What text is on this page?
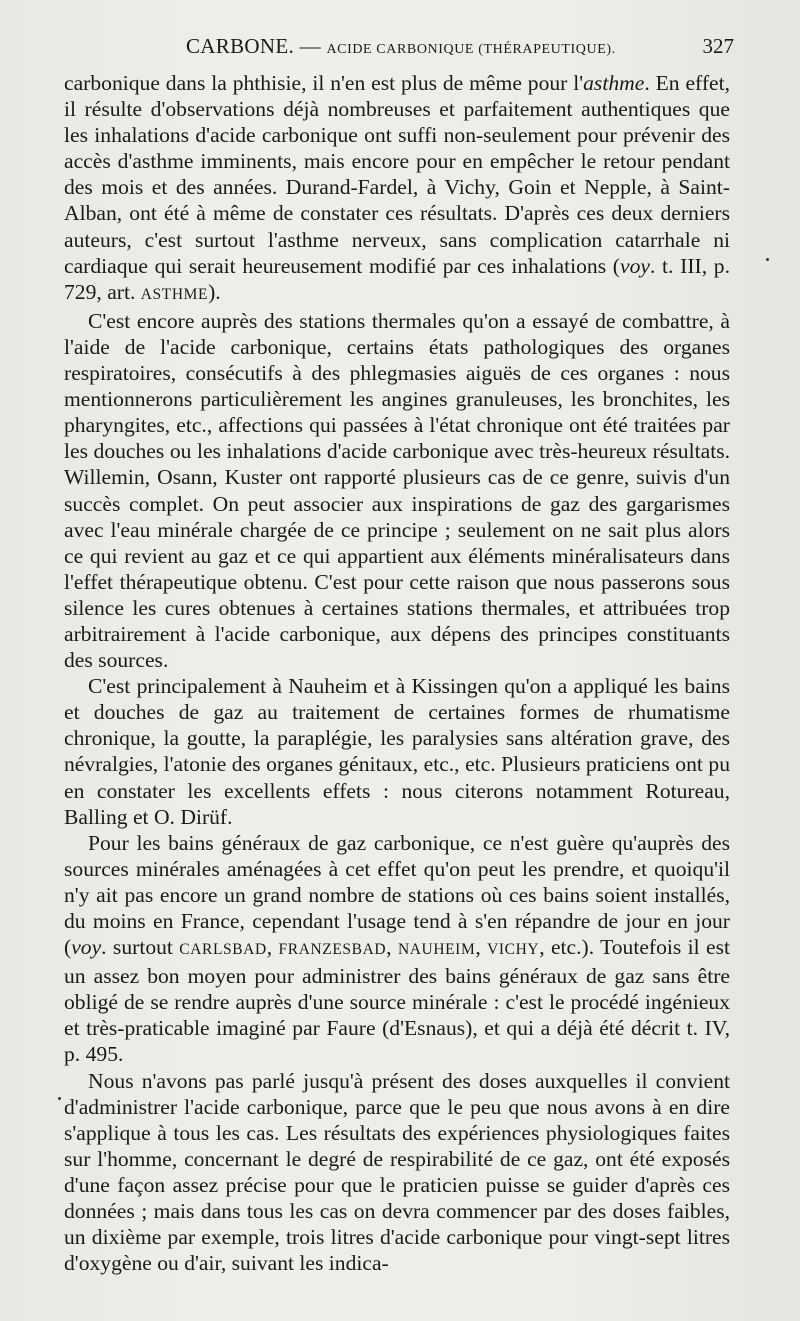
CARBONE. — ACIDE CARBONIQUE (THÉRAPEUTIQUE).	327

carbonique dans la phthisie, il n'en est plus de même pour l'asthme. En effet, il résulte d'observations déjà nombreuses et parfaitement authentiques que les inhalations d'acide carbonique ont suffi non-seulement pour prévenir des accès d'asthme imminents, mais encore pour en empêcher le retour pendant des mois et des années. Durand-Fardel, à Vichy, Goin et Nepple, à Saint-Alban, ont été à même de constater ces résultats. D'après ces deux derniers auteurs, c'est surtout l'asthme nerveux, sans complication catarrhale ni cardiaque qui serait heureusement modifié par ces inhalations (voy. t. III, p. 729, art. ASTHME).

C'est encore auprès des stations thermales qu'on a essayé de combattre, à l'aide de l'acide carbonique, certains états pathologiques des organes respiratoires, consécutifs à des phlegmasies aiguës de ces organes : nous mentionnerons particulièrement les angines granuleuses, les bronchites, les pharyngites, etc., affections qui passées à l'état chronique ont été traitées par les douches ou les inhalations d'acide carbonique avec très-heureux résultats. Willemin, Osann, Kuster ont rapporté plusieurs cas de ce genre, suivis d'un succès complet. On peut associer aux inspirations de gaz des gargarismes avec l'eau minérale chargée de ce principe ; seulement on ne sait plus alors ce qui revient au gaz et ce qui appartient aux éléments minéralisateurs dans l'effet thérapeutique obtenu. C'est pour cette raison que nous passerons sous silence les cures obtenues à certaines stations thermales, et attribuées trop arbitrairement à l'acide carbonique, aux dépens des principes constituants des sources.

C'est principalement à Nauheim et à Kissingen qu'on a appliqué les bains et douches de gaz au traitement de certaines formes de rhumatisme chronique, la goutte, la paraplégie, les paralysies sans altération grave, des névralgies, l'atonie des organes génitaux, etc., etc. Plusieurs praticiens ont pu en constater les excellents effets : nous citerons notamment Rotureau, Balling et O. Dirüf.

Pour les bains généraux de gaz carbonique, ce n'est guère qu'auprès des sources minérales aménagées à cet effet qu'on peut les prendre, et quoiqu'il n'y ait pas encore un grand nombre de stations où ces bains soient installés, du moins en France, cependant l'usage tend à s'en répandre de jour en jour (voy. surtout CARLSBAD, FRANZESBAD, NAUHEIM, VICHY, etc.). Toutefois il est un assez bon moyen pour administrer des bains généraux de gaz sans être obligé de se rendre auprès d'une source minérale : c'est le procédé ingénieux et très-praticable imaginé par Faure (d'Esnaus), et qui a déjà été décrit t. IV, p. 495.

Nous n'avons pas parlé jusqu'à présent des doses auxquelles il convient d'administrer l'acide carbonique, parce que le peu que nous avons à en dire s'applique à tous les cas. Les résultats des expériences physiologiques faites sur l'homme, concernant le degré de respirabilité de ce gaz, ont été exposés d'une façon assez précise pour que le praticien puisse se guider d'après ces données ; mais dans tous les cas on devra commencer par des doses faibles, un dixième par exemple, trois litres d'acide carbonique pour vingt-sept litres d'oxygène ou d'air, suivant les indica-
